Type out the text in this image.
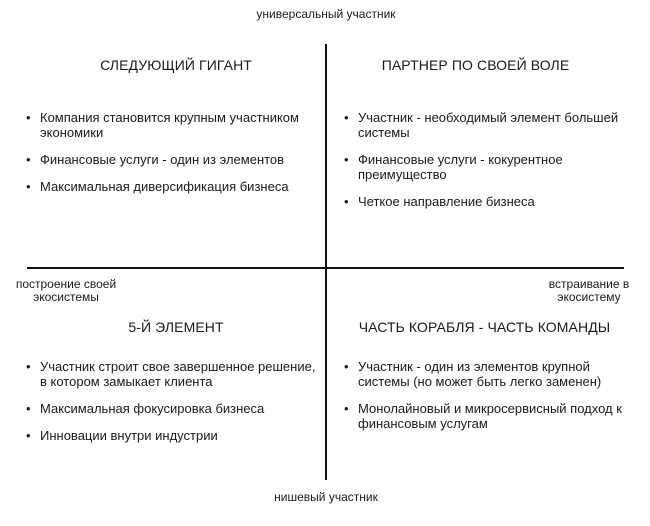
универсальный участник
нишевый участник
построение своей экосистемы
встраивание в экосистему
СЛЕДУЮЩИЙ ГИГАНТ
• Компания становится крупным участником экономики
• Финансовые услуги - один из элементов
• Максимальная диверсификация бизнеса
ПАРТНЕР ПО СВОЕЙ ВОЛЕ
• Участник - необходимый элемент большей системы
• Финансовые услуги - кокурентное преимущество
• Четкое направление бизнеса
5-Й ЭЛЕМЕНТ
• Участник строит свое завершенное решение, в котором замыкает клиента
• Максимальная фокусировка бизнеса
• Инновации внутри индустрии
ЧАСТЬ КОРАБЛЯ - ЧАСТЬ КОМАНДЫ
• Участник - один из элементов крупной системы (но может быть легко заменен)
• Монолайновый и микросервисный подход к финансовым услугам
